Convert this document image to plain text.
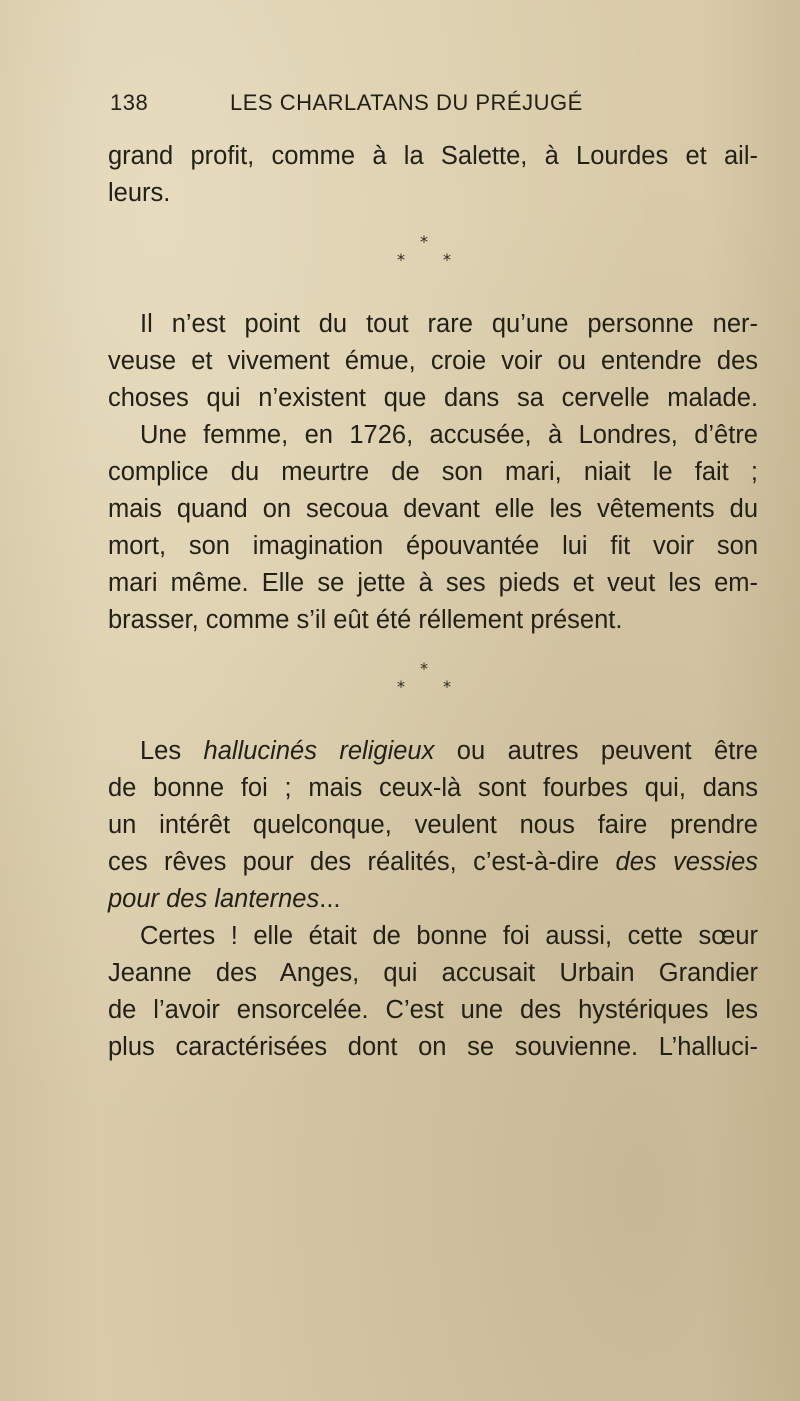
138	LES CHARLATANS DU PRÉJUGÉ
grand profit, comme à la Salette, à Lourdes et ail-
leurs.
*
* *
Il n’est point du tout rare qu’une personne ner-
veuse et vivement émue, croie voir ou entendre des
choses qui n’existent que dans sa cervelle malade.
Une femme, en 1726, accusée, à Londres, d’être
complice du meurtre de son mari, niait le fait ;
mais quand on secoua devant elle les vêtements du
mort, son imagination épouvantée lui fit voir son
mari même. Elle se jette à ses pieds et veut les em-
brasser, comme s’il eût été réllement présent.
*
* *
Les hallucinés religieux ou autres peuvent être
de bonne foi ; mais ceux-là sont fourbes qui, dans
un intérêt quelconque, veulent nous faire prendre
ces rêves pour des réalités, c’est-à-dire des vessies
pour des lanternes...
Certes ! elle était de bonne foi aussi, cette sœur
Jeanne des Anges, qui accusait Urbain Grandier
de l’avoir ensorcelée. C’est une des hystériques les
plus caractérisées dont on se souvienne. L’halluci-
